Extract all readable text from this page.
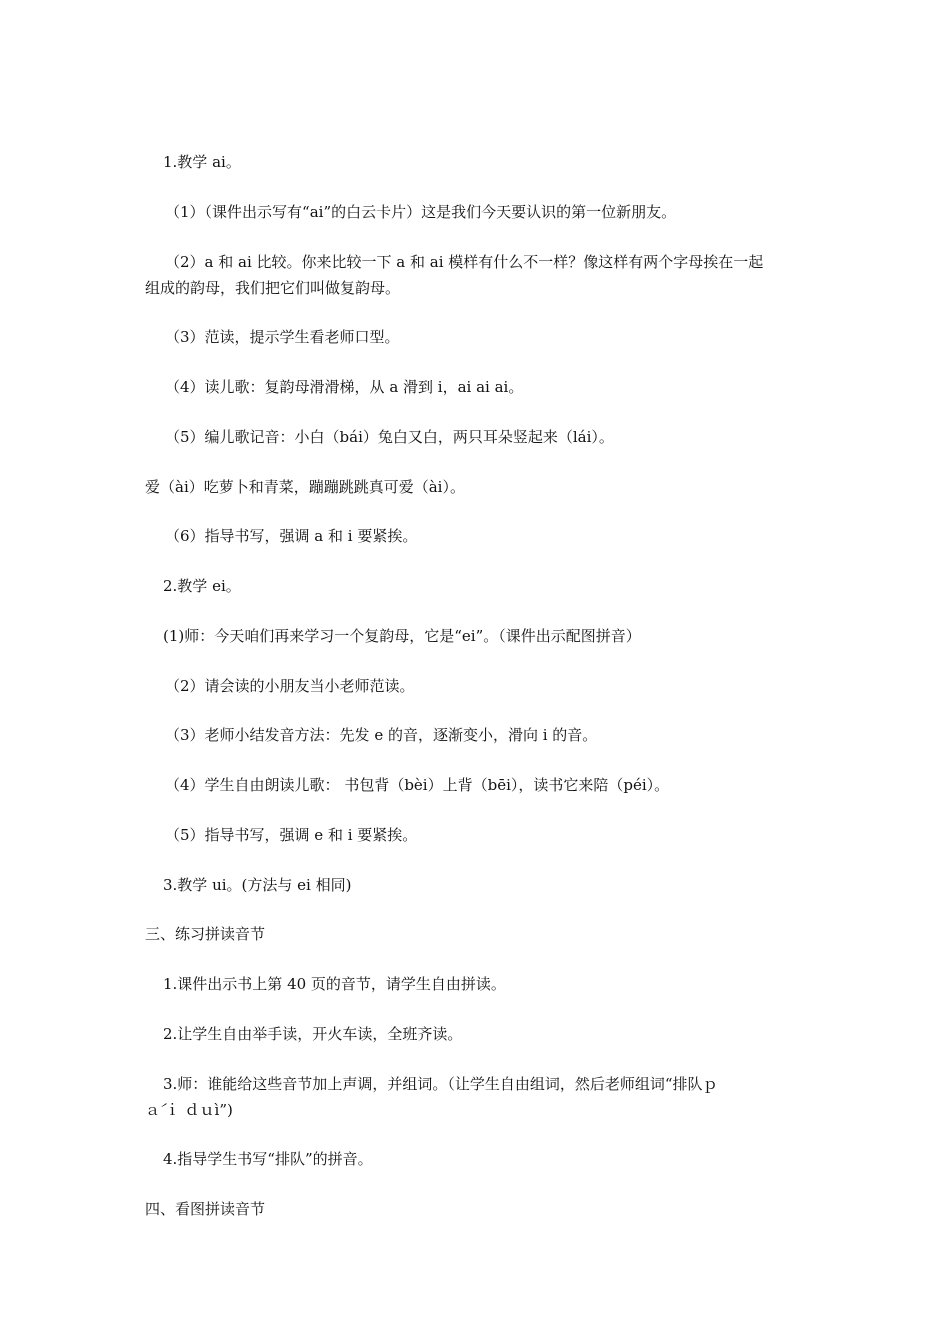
1.教学 ai。
（1）（课件出示写有“ai”的白云卡片）这是我们今天要认识的第一位新朋友。
（2）a 和 ai 比较。你来比较一下 a 和 ai 模样有什么不一样？像这样有两个字母挨在一起
组成的韵母，我们把它们叫做复韵母。
（3）范读，提示学生看老师口型。
（4）读儿歌：复韵母滑滑梯，从 a 滑到 i，ai ai ai。
（5）编儿歌记音：小白（bái）兔白又白，两只耳朵竖起来（lái）。
爱（ài）吃萝卜和青菜，蹦蹦跳跳真可爱（ài）。
（6）指导书写，强调 a 和 i 要紧挨。
2.教学 ei。
(1)师：今天咱们再来学习一个复韵母，它是“ei”。（课件出示配图拼音）
（2）请会读的小朋友当小老师范读。
（3）老师小结发音方法：先发 e 的音，逐渐变小，滑向 i 的音。
（4）学生自由朗读儿歌： 书包背（bèi）上背（bēi），读书它来陪（péi）。
（5）指导书写，强调 e 和 i 要紧挨。
3.教学 ui。(方法与 ei 相同)
三、练习拼读音节
1.课件出示书上第 40 页的音节，请学生自由拼读。
2.让学生自由举手读，开火车读，全班齐读。
3.师：谁能给这些音节加上声调，并组词。（让学生自由组词，然后老师组词“排队ｐ
ａ́ ｉ ｄｕì”)
4.指导学生书写“排队”的拼音。
四、看图拼读音节
